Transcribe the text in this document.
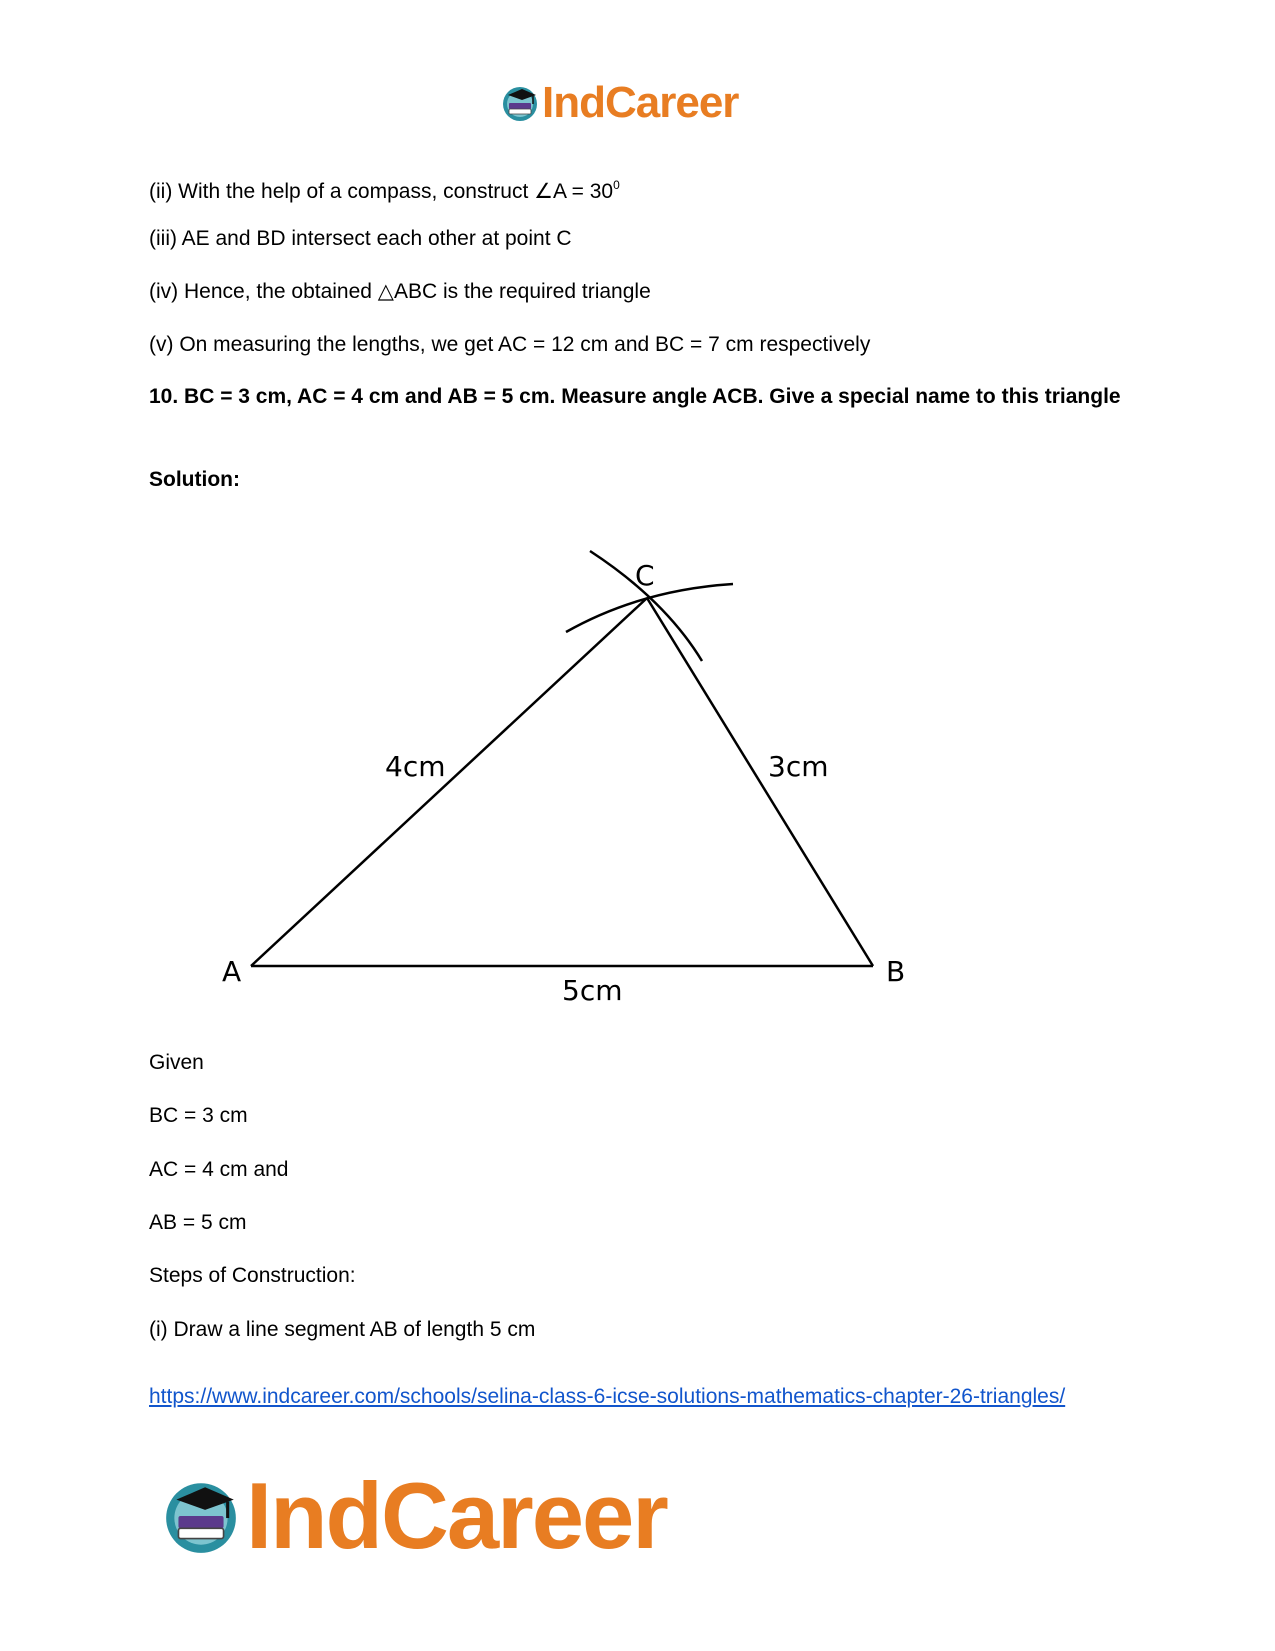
IndCareer
(ii) With the help of a compass, construct ∠A = $30^0$
(iii) AE and BD intersect each other at point C
(iv) Hence, the obtained △ABC is the required triangle
(v) On measuring the lengths, we get AC = 12 cm and BC = 7 cm respectively
10. BC = 3 cm, AC = 4 cm and AB = 5 cm. Measure angle ACB. Give a special name to this triangle
Solution:
A	B
C
4cm	3cm
5cm
Given
BC = 3 cm
AC = 4 cm and
AB = 5 cm
Steps of Construction:
(i) Draw a line segment AB of length 5 cm
https://www.indcareer.com/schools/selina-class-6-icse-solutions-mathematics-chapter-26-triangles/
IndCareer
